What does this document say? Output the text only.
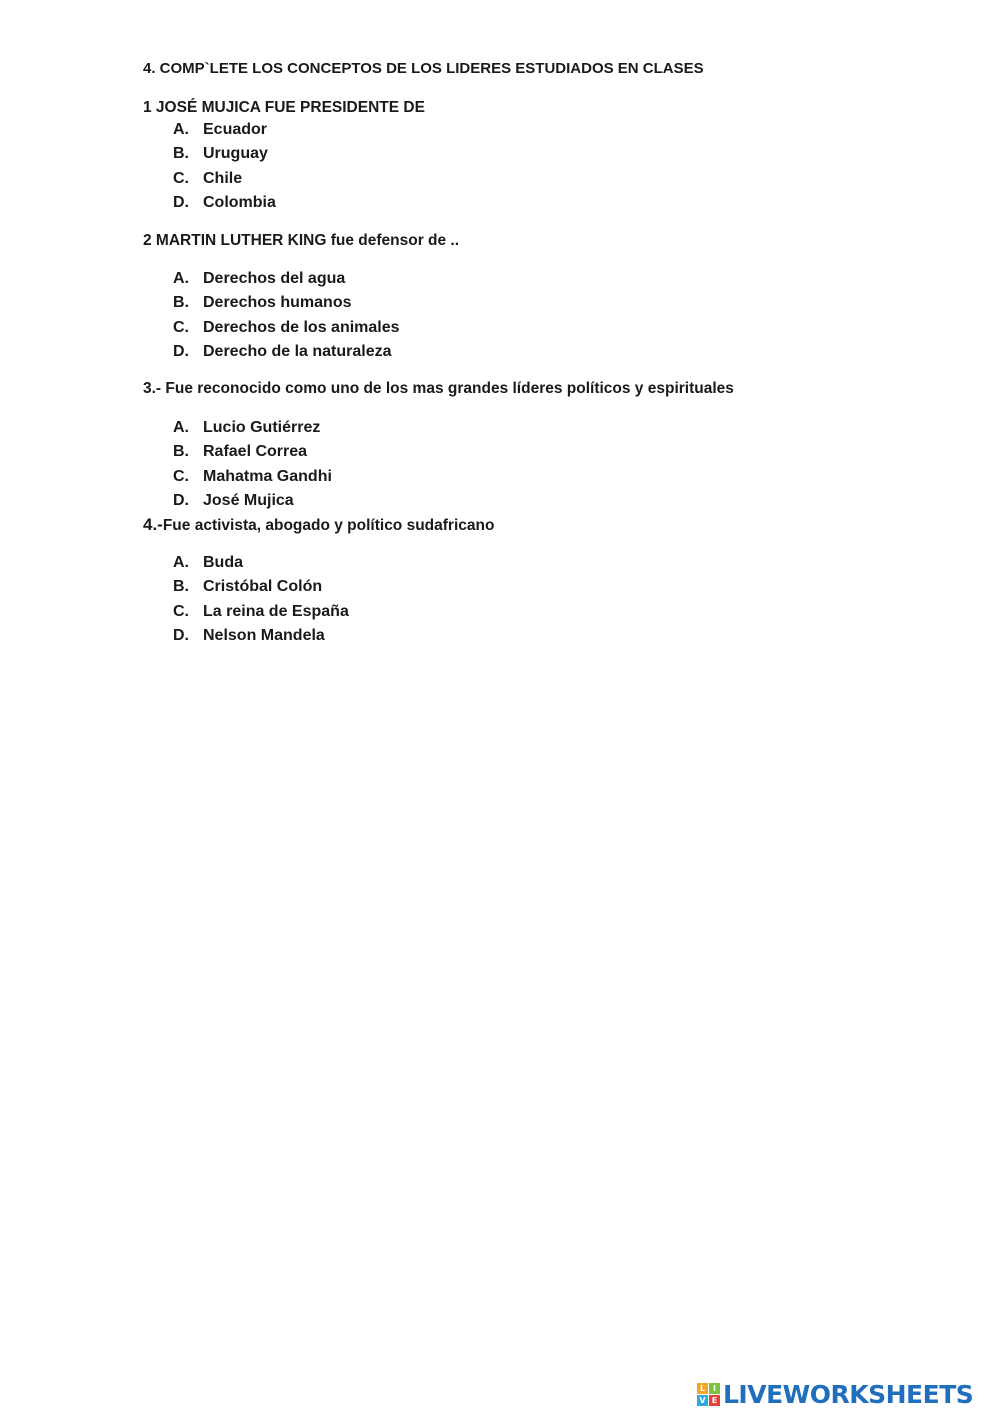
4. COMP`LETE LOS CONCEPTOS DE LOS LIDERES ESTUDIADOS EN CLASES
1 JOSÉ MUJICA FUE PRESIDENTE DE
A. Ecuador
B. Uruguay
C. Chile
D. Colombia
2 MARTIN LUTHER KING fue defensor de ..
A. Derechos del agua
B. Derechos humanos
C. Derechos de los animales
D. Derecho de la naturaleza
3.- Fue reconocido como uno de los mas grandes líderes políticos y espirituales
A. Lucio Gutiérrez
B. Rafael Correa
C. Mahatma Gandhi
D. José Mujica
4.-Fue activista, abogado y político sudafricano
A. Buda
B. Cristóbal Colón
C. La reina de España
D. Nelson Mandela
L I
V E LIVEWORKSHEETS
